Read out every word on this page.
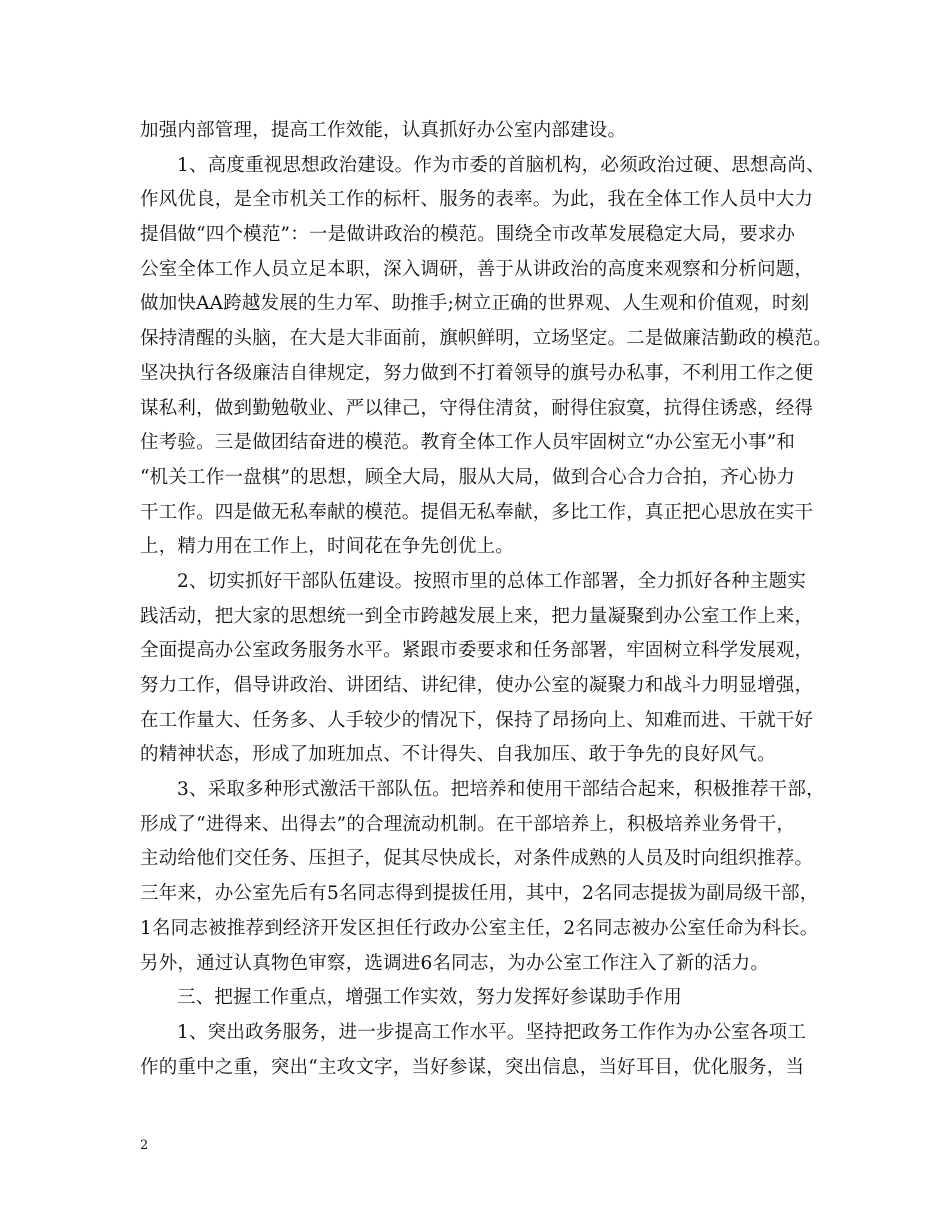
加强内部管理，提高工作效能，认真抓好办公室内部建设。
1、高度重视思想政治建设。作为市委的首脑机构，必须政治过硬、思想高尚、
作风优良，是全市机关工作的标杆、服务的表率。为此，我在全体工作人员中大力
提倡做“四个模范”：一是做讲政治的模范。围绕全市改革发展稳定大局，要求办
公室全体工作人员立足本职，深入调研，善于从讲政治的高度来观察和分析问题，
做加快AA跨越发展的生力军、助推手;树立正确的世界观、人生观和价值观，时刻
保持清醒的头脑，在大是大非面前，旗帜鲜明，立场坚定。二是做廉洁勤政的模范。
坚决执行各级廉洁自律规定，努力做到不打着领导的旗号办私事，不利用工作之便
谋私利，做到勤勉敬业、严以律己，守得住清贫，耐得住寂寞，抗得住诱惑，经得
住考验。三是做团结奋进的模范。教育全体工作人员牢固树立“办公室无小事”和
“机关工作一盘棋”的思想，顾全大局，服从大局，做到合心合力合拍，齐心协力
干工作。四是做无私奉献的模范。提倡无私奉献，多比工作，真正把心思放在实干
上，精力用在工作上，时间花在争先创优上。
2、切实抓好干部队伍建设。按照市里的总体工作部署，全力抓好各种主题实
践活动，把大家的思想统一到全市跨越发展上来，把力量凝聚到办公室工作上来，
全面提高办公室政务服务水平。紧跟市委要求和任务部署，牢固树立科学发展观，
努力工作，倡导讲政治、讲团结、讲纪律，使办公室的凝聚力和战斗力明显增强，
在工作量大、任务多、人手较少的情况下，保持了昂扬向上、知难而进、干就干好
的精神状态，形成了加班加点、不计得失、自我加压、敢于争先的良好风气。
3、采取多种形式激活干部队伍。把培养和使用干部结合起来，积极推荐干部，
形成了“进得来、出得去”的合理流动机制。在干部培养上，积极培养业务骨干，
主动给他们交任务、压担子，促其尽快成长，对条件成熟的人员及时向组织推荐。
三年来，办公室先后有5名同志得到提拔任用，其中，2名同志提拔为副局级干部，
1名同志被推荐到经济开发区担任行政办公室主任，2名同志被办公室任命为科长。
另外，通过认真物色审察，选调进6名同志，为办公室工作注入了新的活力。
三、把握工作重点，增强工作实效，努力发挥好参谋助手作用
1、突出政务服务，进一步提高工作水平。坚持把政务工作作为办公室各项工
作的重中之重，突出“主攻文字，当好参谋，突出信息，当好耳目，优化服务，当
2
